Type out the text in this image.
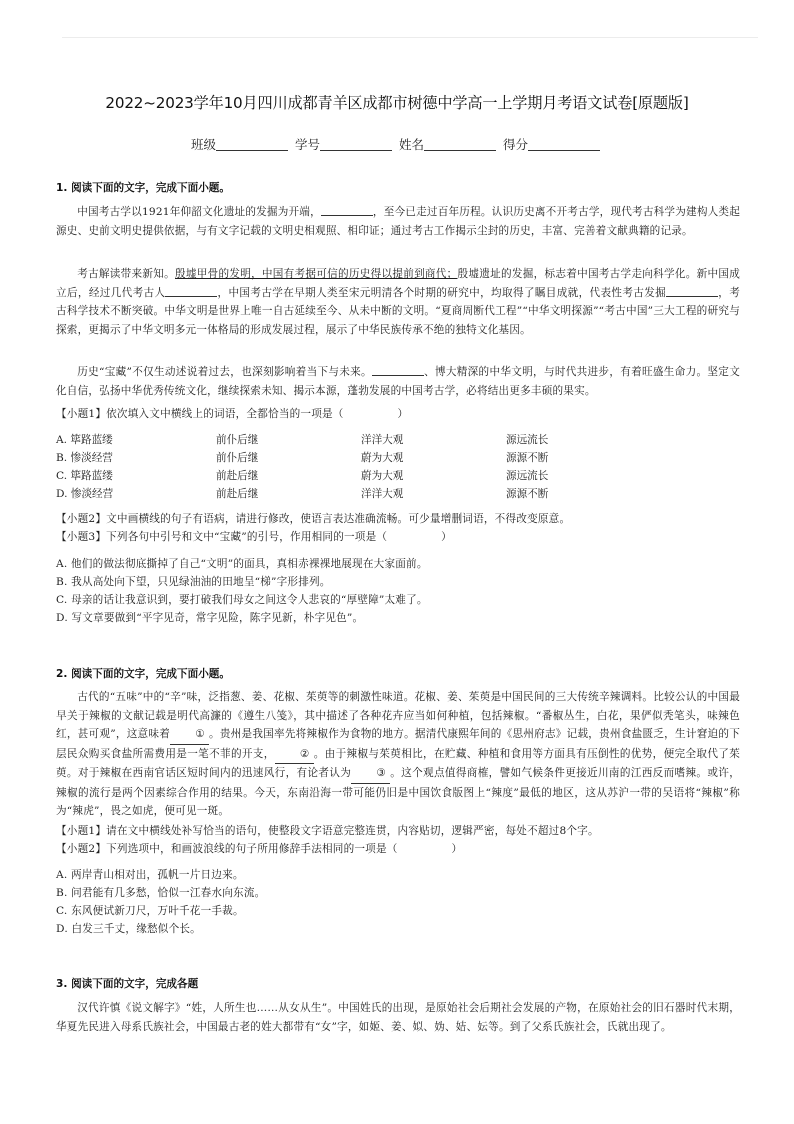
2022~2023学年10月四川成都青羊区成都市树德中学高一上学期月考语文试卷[原题版]
班级	学号	姓名	得分
1. 阅读下面的文字，完成下面小题。
中国考古学以1921年仰韶文化遗址的发掘为开端，	，至今已走过百年历程。认识历史离不开考古学，现代考古科学为建构人类起源史、史前文明史提供依据，与有文字记载的文明史相观照、相印证；通过考古工作揭示尘封的历史，丰富、完善着文献典籍的记录。
考古解读带来新知。殷墟甲骨的发明，中国有考据可信的历史得以提前到商代；殷墟遗址的发掘，标志着中国考古学走向科学化。新中国成立后，经过几代考古人	，中国考古学在早期人类至宋元明清各个时期的研究中，均取得了瞩目成就，代表性考古发掘	，考古科学技术不断突破。中华文明是世界上唯一自古延续至今、从未中断的文明。“夏商周断代工程”“中华文明探源”“考古中国”三大工程的研究与探索，更揭示了中华文明多元一体格局的形成发展过程，展示了中华民族传承不绝的独特文化基因。
历史“宝藏”不仅生动述说着过去，也深刻影响着当下与未来。	、博大精深的中华文明，与时代共进步，有着旺盛生命力。坚定文化自信，弘扬中华优秀传统文化，继续探索未知、揭示本源，蓬勃发展的中国考古学，必将结出更多丰硕的果实。
【小题1】依次填入文中横线上的词语，全都恰当的一项是（　　　　　）
A. 筚路蓝缕	前仆后继	洋洋大观	源远流长
B. 惨淡经营	前仆后继	蔚为大观	源源不断
C. 筚路蓝缕	前赴后继	蔚为大观	源远流长
D. 惨淡经营	前赴后继	洋洋大观	源源不断
【小题2】文中画横线的句子有语病，请进行修改，使语言表达准确流畅。可少量增删词语，不得改变原意。
【小题3】下列各句中引号和文中“宝藏”的引号，作用相同的一项是（　　　　　）
A. 他们的做法彻底撕掉了自己“文明”的面具，真相赤裸裸地展现在大家面前。
B. 我从高处向下望，只见绿油油的田地呈“梯”字形排列。
C. 母亲的话让我意识到，要打破我们母女之间这令人悲哀的“厚壁障”太难了。
D. 写文章要做到“平字见奇，常字见险，陈字见新，朴字见色”。
2. 阅读下面的文字，完成下面小题。
古代的“五味”中的“辛”味，泛指葱、姜、花椒、茱萸等的刺激性味道。花椒、姜、茱萸是中国民间的三大传统辛辣调料。比较公认的中国最早关于辣椒的文献记载是明代高濂的《遵生八笺》，其中描述了各种花卉应当如何种植，包括辣椒。“番椒丛生，白花，果俨似秃笔头，味辣色红，甚可观”，这意味着 ① 。贵州是我国率先将辣椒作为食物的地方。据清代康熙年间的《思州府志》记载，贵州食盐匮乏，生计窘迫的下层民众购买食盐所需费用是一笔不菲的开支， ② 。由于辣椒与茱萸相比，在贮藏、种植和食用等方面具有压倒性的优势，便完全取代了茱萸。对于辣椒在西南官话区短时间内的迅速风行，有论者认为 ③ 。这个观点值得商榷，譬如气候条件更接近川南的江西反而嗜辣。或许，辣椒的流行是两个因素综合作用的结果。今天，东南沿海一带可能仍旧是中国饮食版图上“辣度”最低的地区，这从苏沪一带的吴语将“辣椒”称为“辣虎”，畏之如虎，便可见一斑。
【小题1】请在文中横线处补写恰当的语句，使整段文字语意完整连贯，内容贴切，逻辑严密，每处不超过8个字。
【小题2】下列选项中，和画波浪线的句子所用修辞手法相同的一项是（　　　　　）
A. 两岸青山相对出，孤帆一片日边来。
B. 问君能有几多愁，恰似一江春水向东流。
C. 东风便试新刀尺，万叶千花一手裁。
D. 白发三千丈，缘愁似个长。
3. 阅读下面的文字，完成各题
汉代许慎《说文解字》“姓，人所生也……从女从生”。中国姓氏的出现，是原始社会后期社会发展的产物，在原始社会的旧石器时代末期，华夏先民进入母系氏族社会，中国最古老的姓大都带有“女”字，如姬、姜、姒、妫、姞、妘等。到了父系氏族社会，氏就出现了。
